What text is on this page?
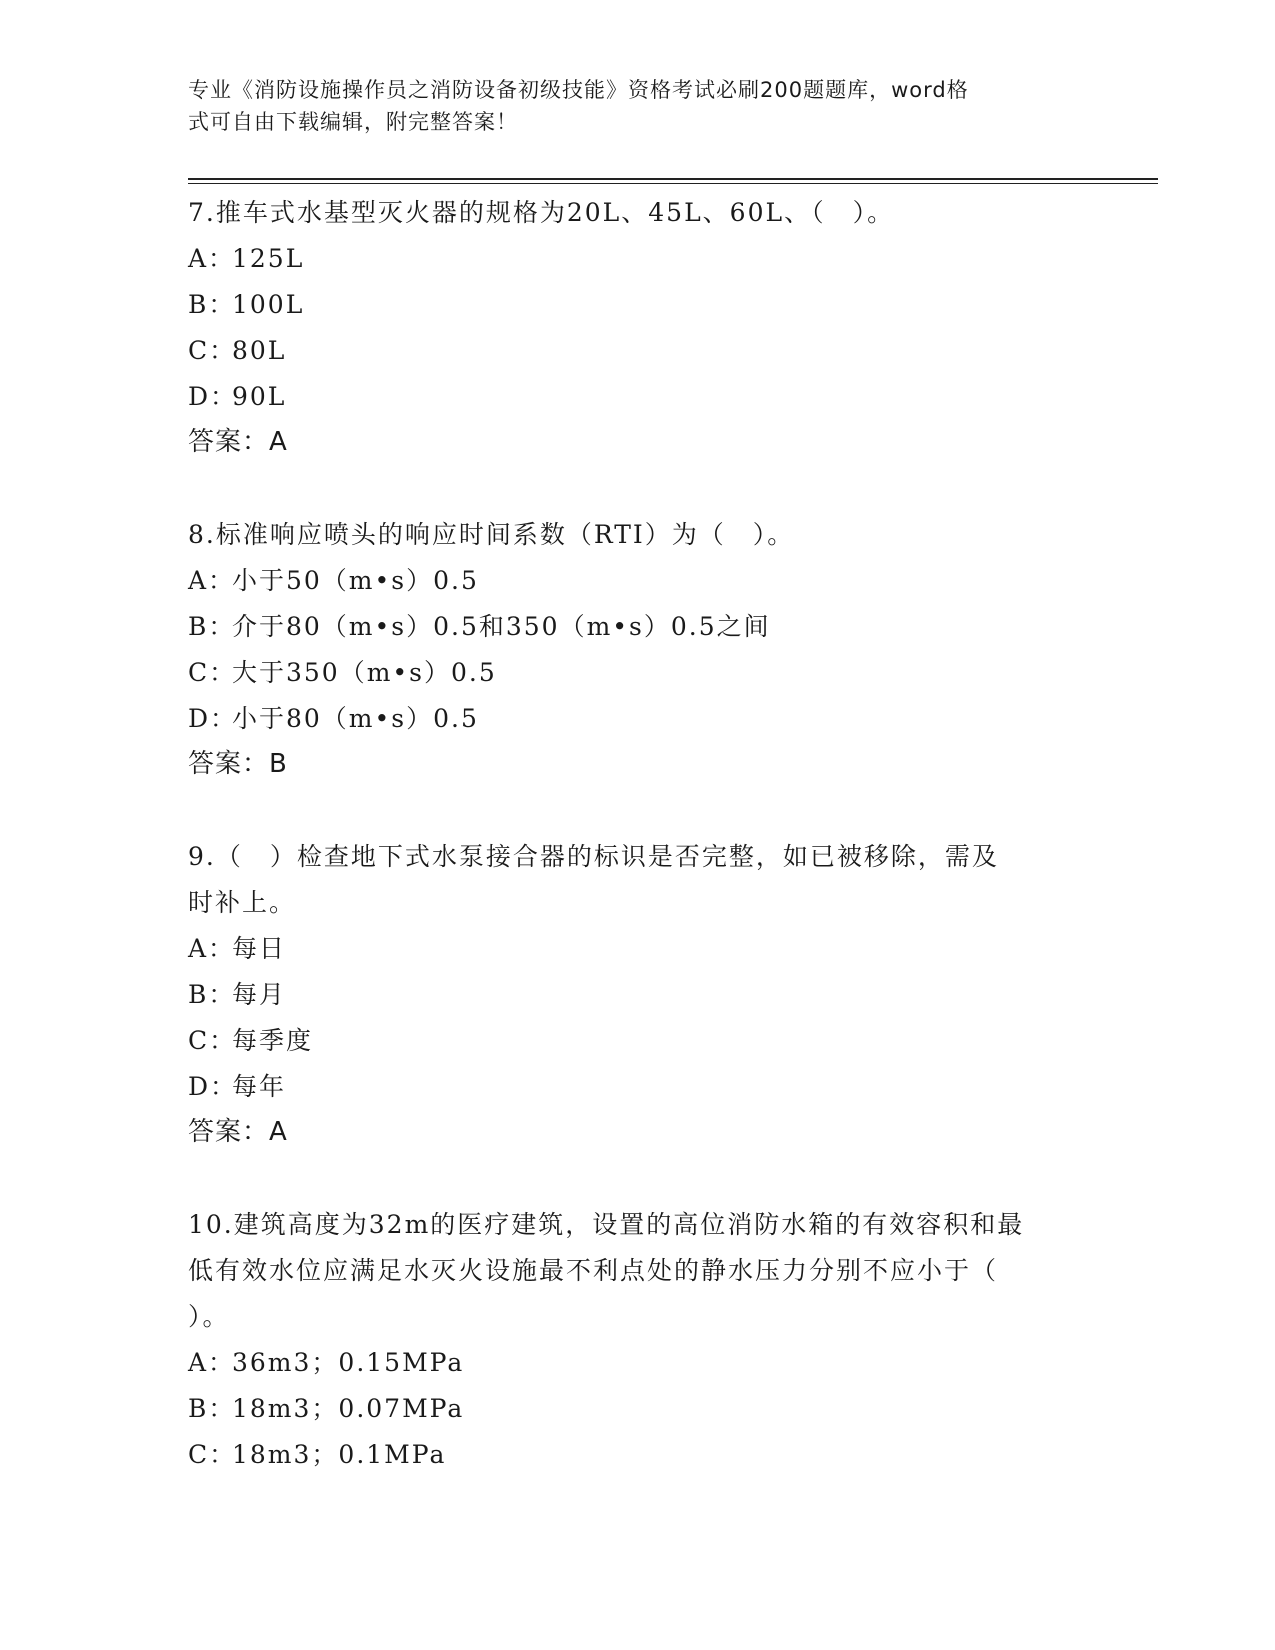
专业《消防设施操作员之消防设备初级技能》资格考试必刷200题题库，word格
式可自由下载编辑，附完整答案！
7.推车式水基型灭火器的规格为20L、45L、60L、（　）。
A：125L
B：100L
C：80L
D：90L
答案：A
8.标准响应喷头的响应时间系数（RTI）为（　）。
A：小于50（m•s）0.5
B：介于80（m•s）0.5和350（m•s）0.5之间
C：大于350（m•s）0.5
D：小于80（m•s）0.5
答案：B
9.（　）检查地下式水泵接合器的标识是否完整，如已被移除，需及
时补上。
A：每日
B：每月
C：每季度
D：每年
答案：A
10.建筑高度为32m的医疗建筑，设置的高位消防水箱的有效容积和最
低有效水位应满足水灭火设施最不利点处的静水压力分别不应小于（
）。
A：36m3；0.15MPa
B：18m3；0.07MPa
C：18m3；0.1MPa
